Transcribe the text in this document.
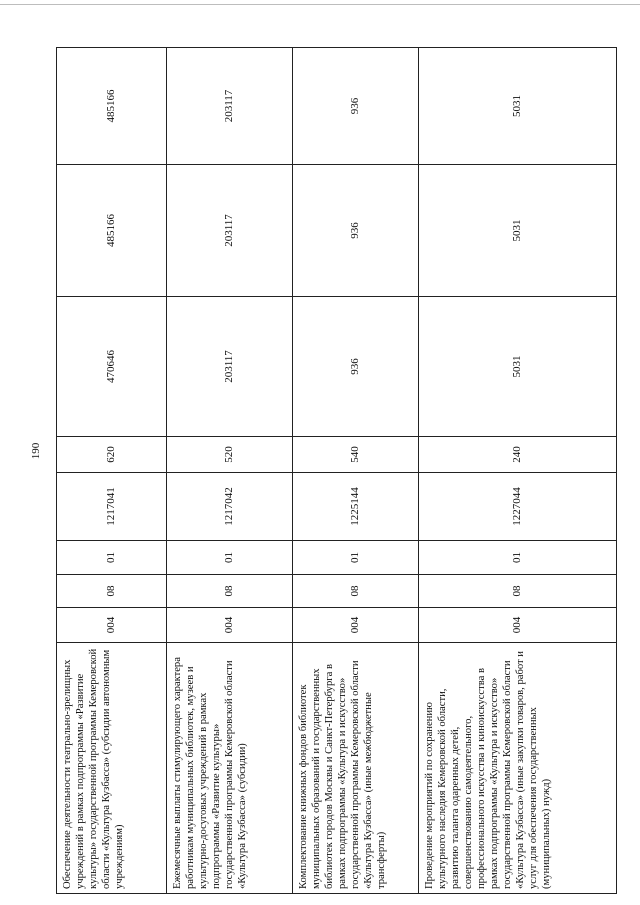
190
Обеспечение деятельности театрально-зрелищных учреждений в рамках подпрограммы «Развитие культуры» государственной программы Кемеровской области «Культура Кузбасса» (субсидии автономным учреждениям)	004	08	01	1217041	620	470646	485166	485166
Ежемесячные выплаты стимулирующего характера работникам муниципальных библиотек, музеев и культурно-досуговых учреждений в рамках подпрограммы «Развитие культуры» государственной программы Кемеровской области «Культура Кузбасса» (субсидии)	004	08	01	1217042	520	203117	203117	203117
Комплектование книжных фондов библиотек муниципальных образований и государственных библиотек городов Москвы и Санкт-Петербурга в рамках подпрограммы «Культура и искусство» государственной программы Кемеровской области «Культура Кузбасса» (иные межбюджетные трансферты)	004	08	01	1225144	540	936	936	936
Проведение мероприятий по сохранению культурного наследия Кемеровской области, развитию таланта одаренных детей, совершенствованию самодеятельного, профессионального искусства и киноискусства в рамках подпрограммы «Культура и искусство» государственной программы Кемеровской области «Культура Кузбасса» (иные закупки товаров, работ и услуг для обеспечения государственных (муниципальных) нужд)	004	08	01	1227044	240	5031	5031	5031
